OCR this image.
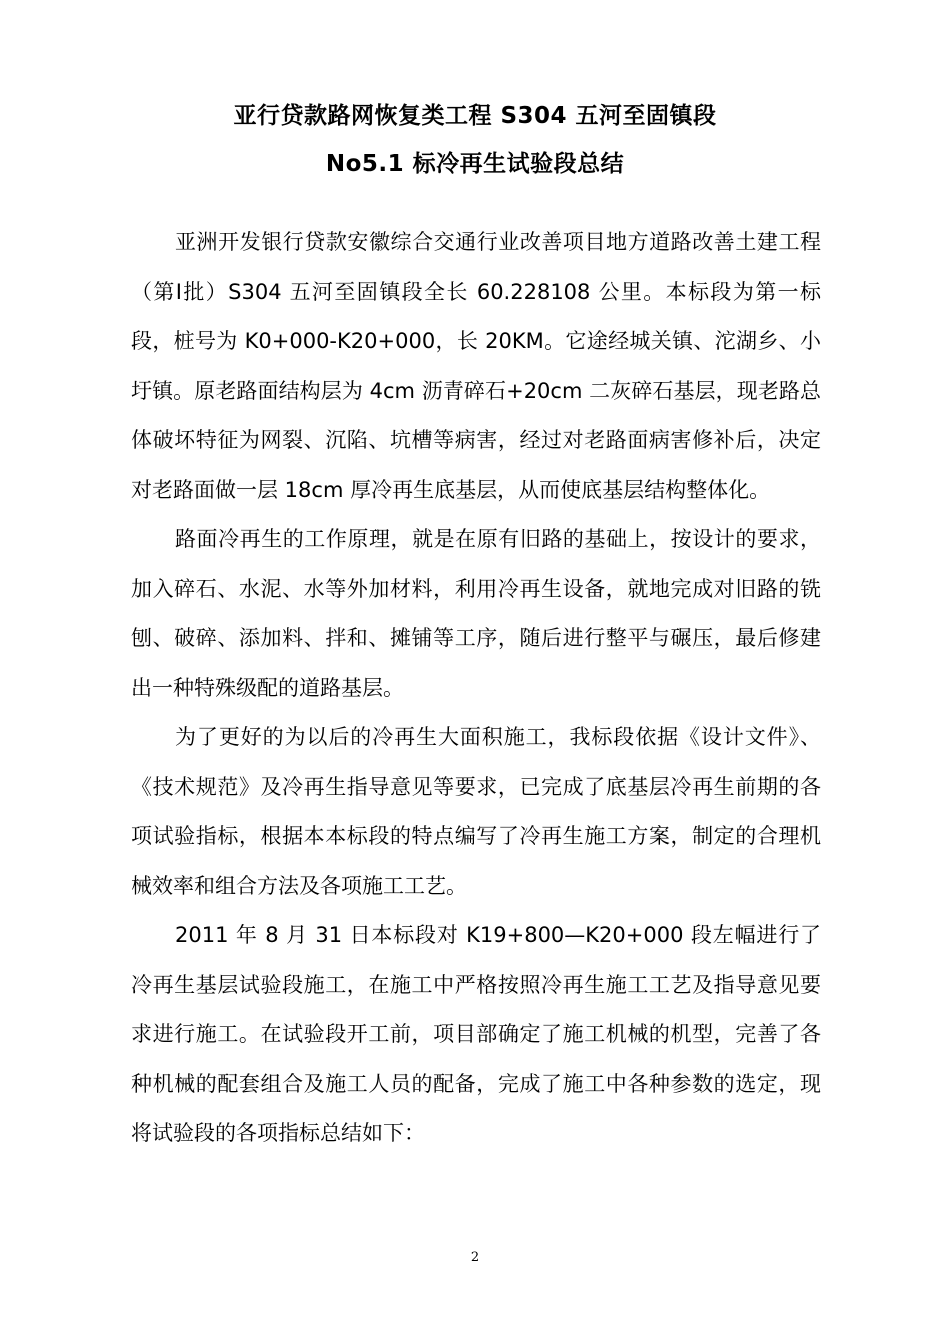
亚行贷款路网恢复类工程 S304 五河至固镇段
No5.1 标冷再生试验段总结

亚洲开发银行贷款安徽综合交通行业改善项目地方道路改善土建工程（第Ⅰ批）S304 五河至固镇段全长 60.228108 公里。本标段为第一标段，桩号为 K0+000-K20+000，长 20KM。它途经城关镇、沱湖乡、小圩镇。原老路面结构层为 4cm 沥青碎石+20cm 二灰碎石基层，现老路总体破坏特征为网裂、沉陷、坑槽等病害，经过对老路面病害修补后，决定对老路面做一层 18cm 厚冷再生底基层，从而使底基层结构整体化。

路面冷再生的工作原理，就是在原有旧路的基础上，按设计的要求，加入碎石、水泥、水等外加材料，利用冷再生设备，就地完成对旧路的铣刨、破碎、添加料、拌和、摊铺等工序，随后进行整平与碾压，最后修建出一种特殊级配的道路基层。

为了更好的为以后的冷再生大面积施工，我标段依据《设计文件》、《技术规范》及冷再生指导意见等要求，已完成了底基层冷再生前期的各项试验指标，根据本本标段的特点编写了冷再生施工方案，制定的合理机械效率和组合方法及各项施工工艺。

2011 年 8 月 31 日本标段对 K19+800—K20+000 段左幅进行了冷再生基层试验段施工，在施工中严格按照冷再生施工工艺及指导意见要求进行施工。在试验段开工前，项目部确定了施工机械的机型，完善了各种机械的配套组合及施工人员的配备，完成了施工中各种参数的选定，现将试验段的各项指标总结如下：

2
